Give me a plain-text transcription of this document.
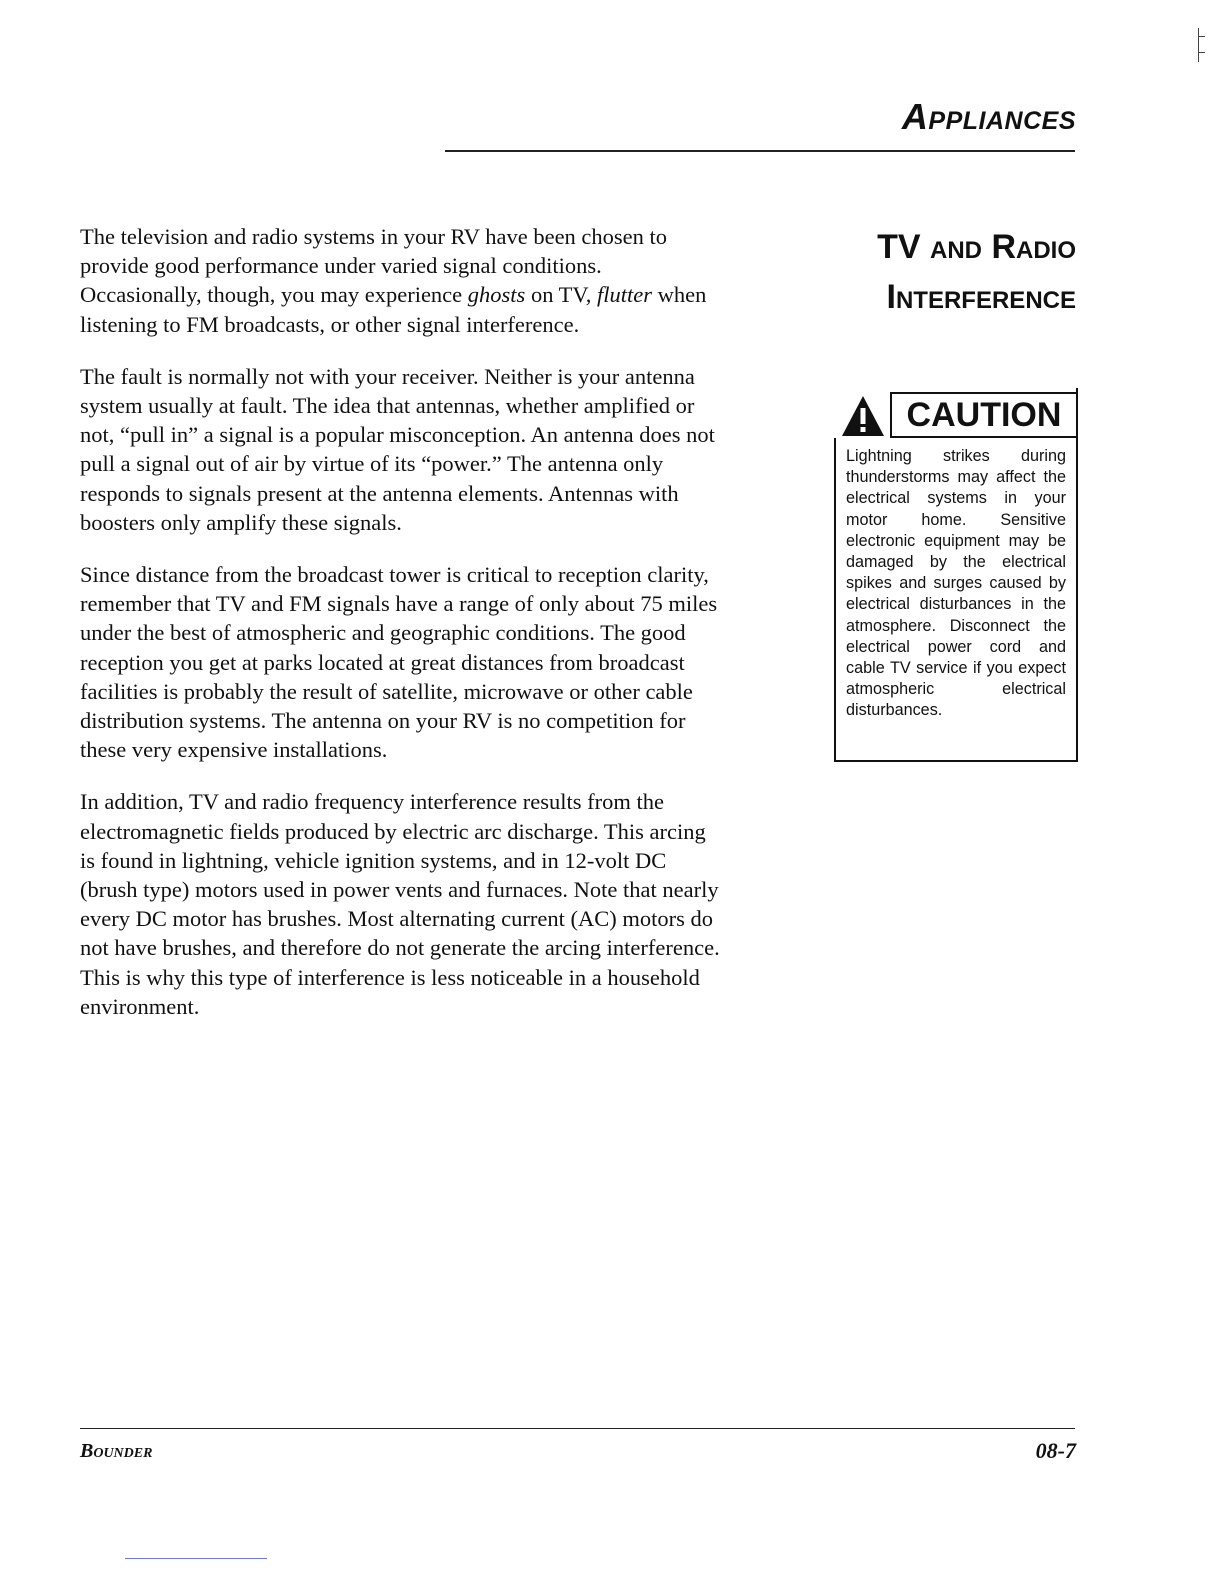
Appliances

The television and radio systems in your RV have been chosen to provide good performance under varied signal conditions. Occasionally, though, you may experience ghosts on TV, flutter when listening to FM broadcasts, or other signal interference.

The fault is normally not with your receiver. Neither is your antenna system usually at fault. The idea that antennas, whether amplified or not, “pull in” a signal is a popular misconception. An antenna does not pull a signal out of air by virtue of its “power.” The antenna only responds to signals present at the antenna elements. Antennas with boosters only amplify these signals.

Since distance from the broadcast tower is critical to reception clarity, remember that TV and FM signals have a range of only about 75 miles under the best of atmospheric and geographic conditions. The good reception you get at parks located at great distances from broadcast facilities is probably the result of satellite, microwave or other cable distribution systems. The antenna on your RV is no competition for these very expensive installations.

In addition, TV and radio frequency interference results from the electromagnetic fields produced by electric arc discharge. This arcing is found in lightning, vehicle ignition systems, and in 12-volt DC (brush type) motors used in power vents and furnaces. Note that nearly every DC motor has brushes. Most alternating current (AC) motors do not have brushes, and therefore do not generate the arcing interference. This is why this type of interference is less noticeable in a household environment.

TV and Radio
Interference
CAUTION
Lightning strikes during thunderstorms may affect the electrical systems in your motor home. Sensitive electronic equipment may be damaged by the electrical spikes and surges caused by electrical disturbances in the atmosphere. Disconnect the electrical power cord and cable TV service if you expect atmospheric electrical disturbances.
Bounder	08-7
